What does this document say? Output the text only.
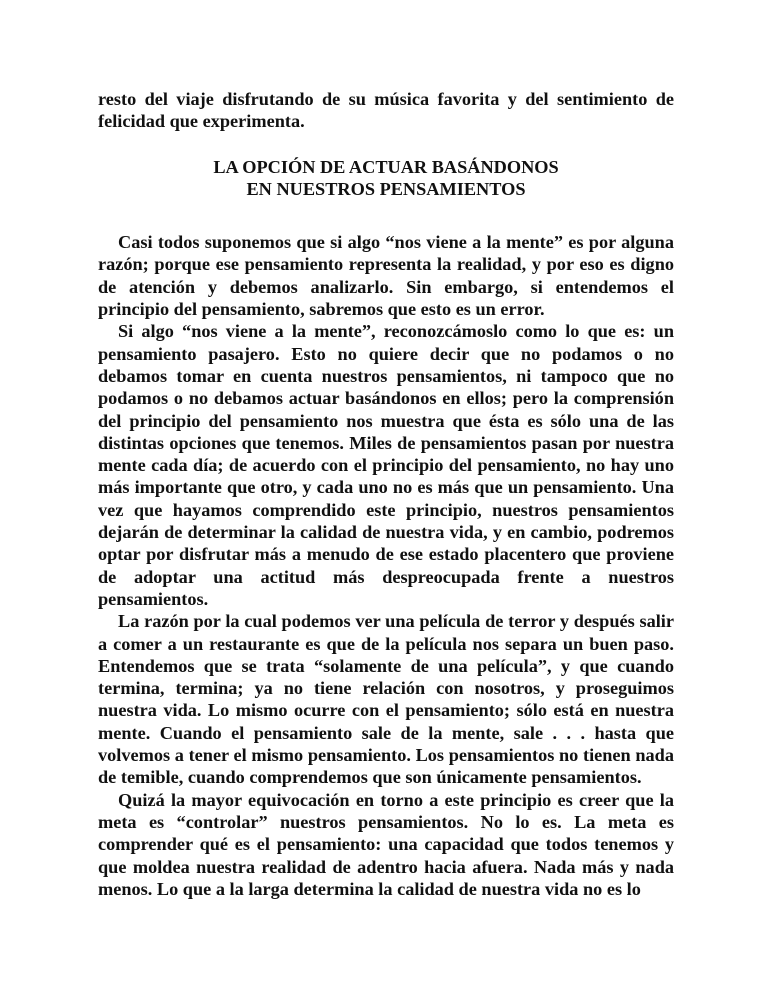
resto del viaje disfrutando de su música favorita y del sentimiento de felicidad que experimenta.

LA OPCIÓN DE ACTUAR BASÁNDONOS

EN NUESTROS PENSAMIENTOS

Casi todos suponemos que si algo “nos viene a la mente” es por alguna razón; porque ese pensamiento representa la realidad, y por eso es digno de atención y debemos analizarlo. Sin embargo, si entendemos el principio del pensamiento, sabremos que esto es un error.

Si algo “nos viene a la mente”, reconozcámoslo como lo que es: un pensamiento pasajero. Esto no quiere decir que no podamos o no debamos tomar en cuenta nuestros pensamientos, ni tampoco que no podamos o no debamos actuar basándonos en ellos; pero la comprensión del principio del pensamiento nos muestra que ésta es sólo una de las distintas opciones que tenemos. Miles de pensamientos pasan por nuestra mente cada día; de acuerdo con el principio del pensamiento, no hay uno más importante que otro, y cada uno no es más que un pensamiento. Una vez que hayamos comprendido este principio, nuestros pensamientos dejarán de determinar la calidad de nuestra vida, y en cambio, podremos optar por disfrutar más a menudo de ese estado placentero que proviene de adoptar una actitud más despreocupada frente a nuestros pensamientos.

La razón por la cual podemos ver una película de terror y después salir a comer a un restaurante es que de la película nos separa un buen paso. Entendemos que se trata “solamente de una película”, y que cuando termina, termina; ya no tiene relación con nosotros, y proseguimos nuestra vida. Lo mismo ocurre con el pensamiento; sólo está en nuestra mente. Cuando el pensamiento sale de la mente, sale . . . hasta que volvemos a tener el mismo pensamiento. Los pensamientos no tienen nada de temible, cuando comprendemos que son únicamente pensamientos.

Quizá la mayor equivocación en torno a este principio es creer que la meta es “controlar” nuestros pensamientos. No lo es. La meta es comprender qué es el pensamiento: una capacidad que todos tenemos y que moldea nuestra realidad de adentro hacia afuera. Nada más y nada menos. Lo que a la larga determina la calidad de nuestra vida no es lo
